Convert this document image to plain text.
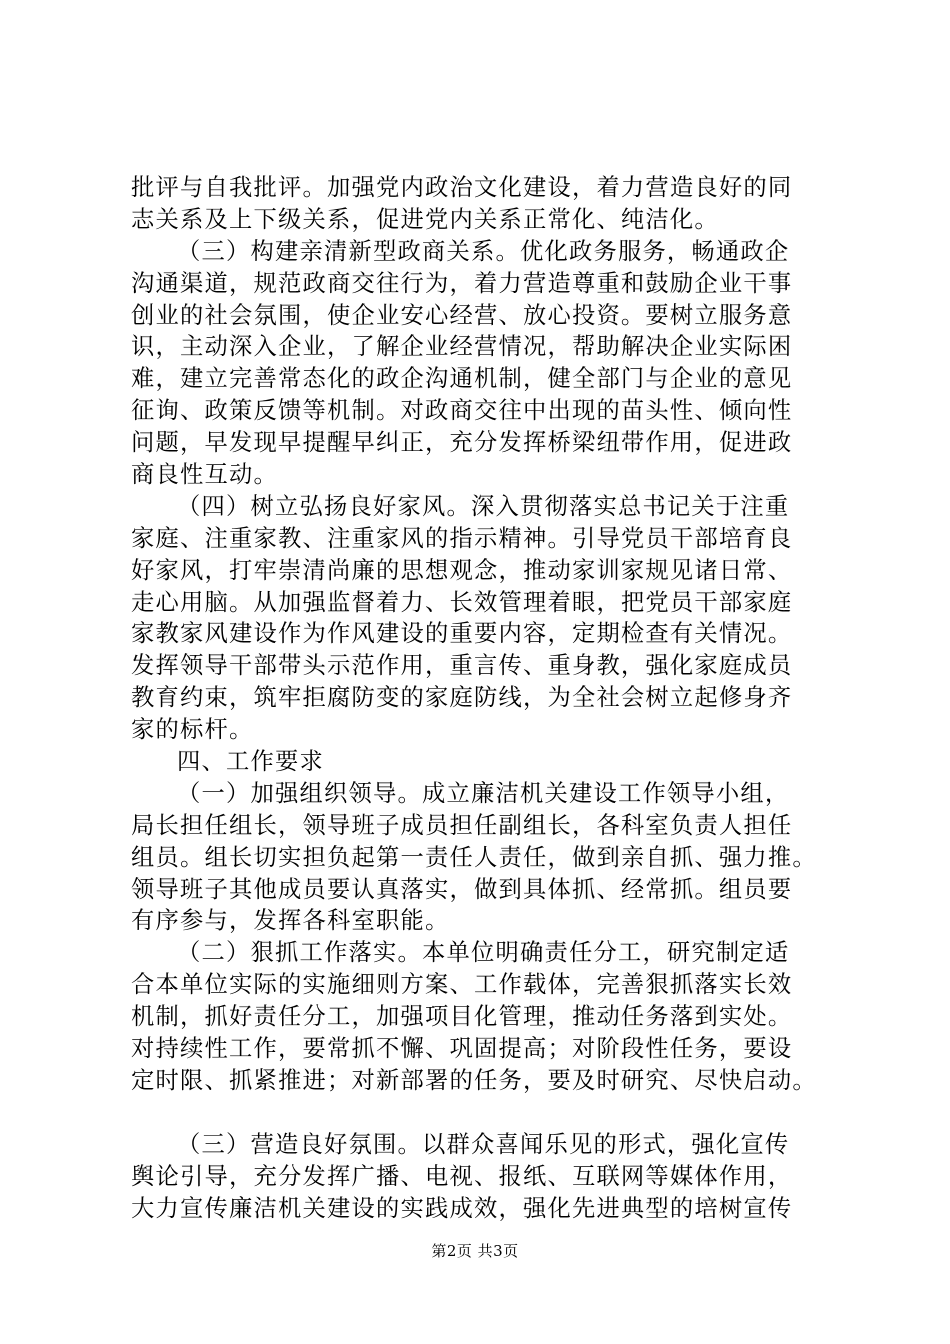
批评与自我批评。加强党内政治文化建设，着力营造良好的同
志关系及上下级关系，促进党内关系正常化、纯洁化。
（三）构建亲清新型政商关系。优化政务服务，畅通政企
沟通渠道，规范政商交往行为，着力营造尊重和鼓励企业干事
创业的社会氛围，使企业安心经营、放心投资。要树立服务意
识，主动深入企业，了解企业经营情况，帮助解决企业实际困
难，建立完善常态化的政企沟通机制，健全部门与企业的意见
征询、政策反馈等机制。对政商交往中出现的苗头性、倾向性
问题，早发现早提醒早纠正，充分发挥桥梁纽带作用，促进政
商良性互动。
（四）树立弘扬良好家风。深入贯彻落实总书记关于注重
家庭、注重家教、注重家风的指示精神。引导党员干部培育良
好家风，打牢崇清尚廉的思想观念，推动家训家规见诸日常、
走心用脑。从加强监督着力、长效管理着眼，把党员干部家庭
家教家风建设作为作风建设的重要内容，定期检查有关情况。
发挥领导干部带头示范作用，重言传、重身教，强化家庭成员
教育约束，筑牢拒腐防变的家庭防线，为全社会树立起修身齐
家的标杆。
四、工作要求
（一）加强组织领导。成立廉洁机关建设工作领导小组，
局长担任组长，领导班子成员担任副组长，各科室负责人担任
组员。组长切实担负起第一责任人责任，做到亲自抓、强力推。
领导班子其他成员要认真落实，做到具体抓、经常抓。组员要
有序参与，发挥各科室职能。
（二）狠抓工作落实。本单位明确责任分工，研究制定适
合本单位实际的实施细则方案、工作载体，完善狠抓落实长效
机制，抓好责任分工，加强项目化管理，推动任务落到实处。
对持续性工作，要常抓不懈、巩固提高；对阶段性任务，要设
定时限、抓紧推进；对新部署的任务，要及时研究、尽快启动。
（三）营造良好氛围。以群众喜闻乐见的形式，强化宣传
舆论引导，充分发挥广播、电视、报纸、互联网等媒体作用，
大力宣传廉洁机关建设的实践成效，强化先进典型的培树宣传
第2页 共3页
